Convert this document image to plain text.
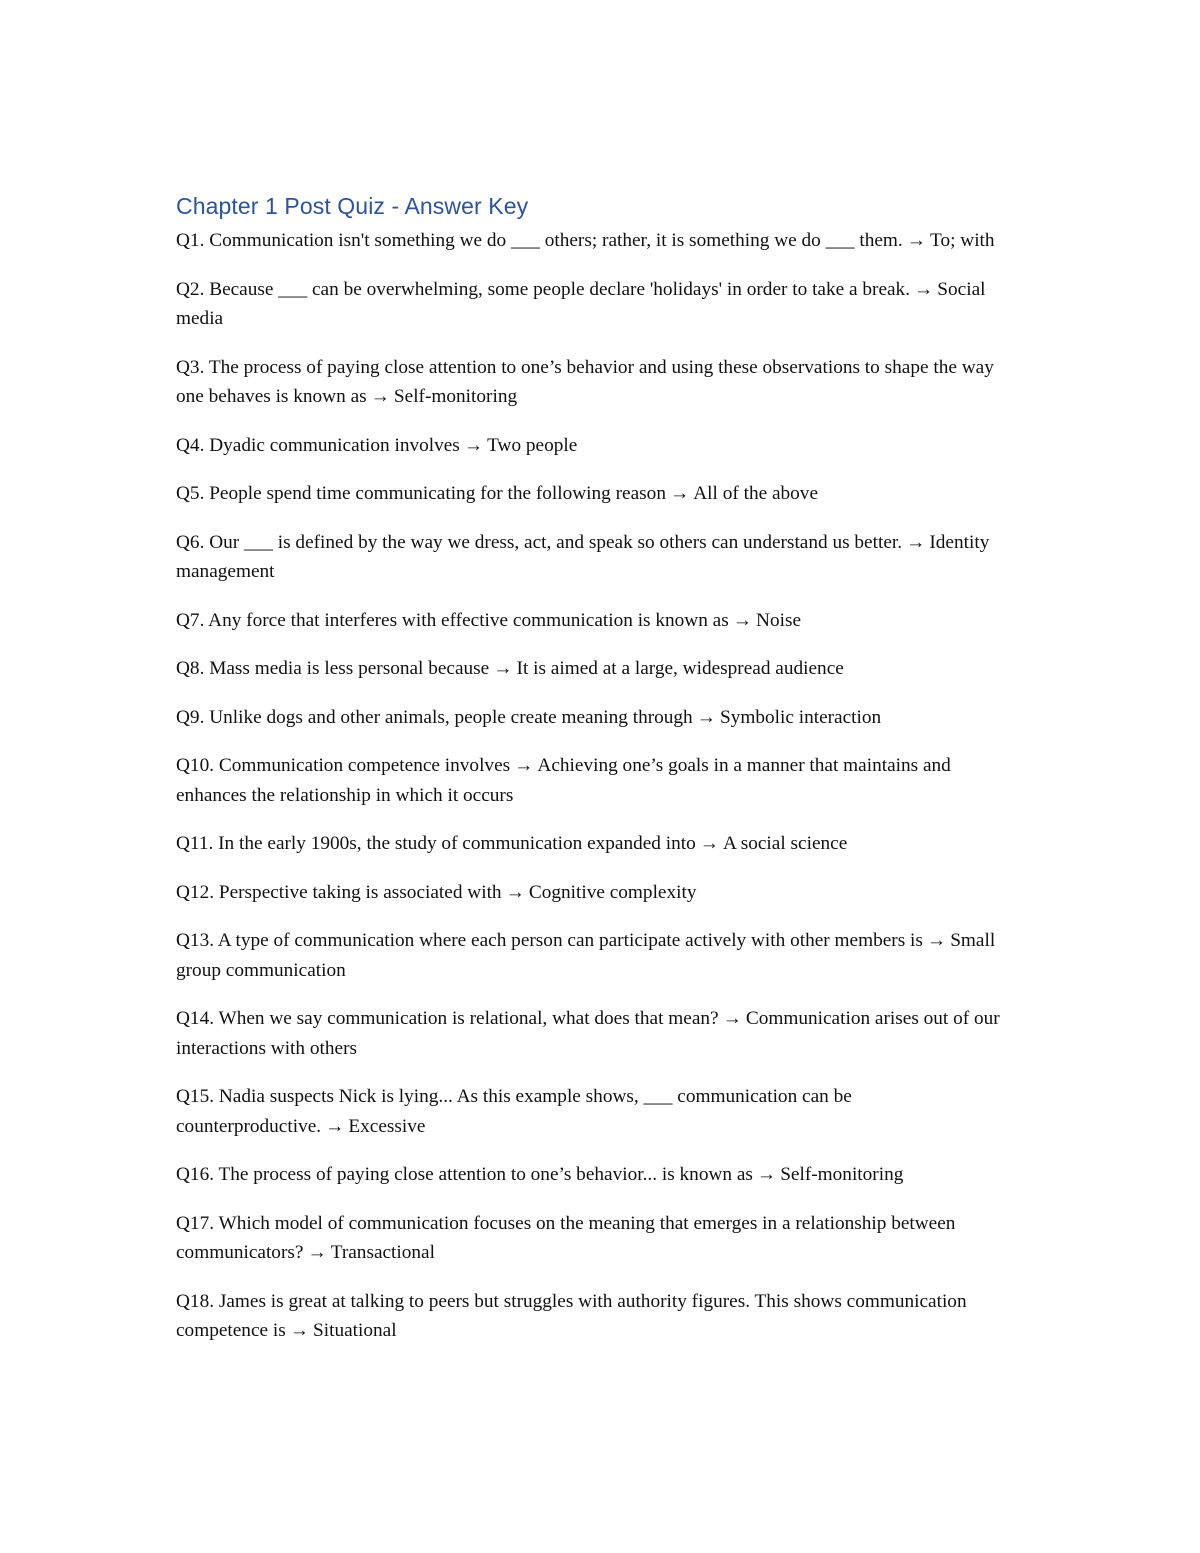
Chapter 1 Post Quiz - Answer Key
Q1. Communication isn't something we do ___ others; rather, it is something we do ___ them. → To; with
Q2. Because ___ can be overwhelming, some people declare 'holidays' in order to take a break. → Social media
Q3. The process of paying close attention to one’s behavior and using these observations to shape the way one behaves is known as → Self-monitoring
Q4. Dyadic communication involves → Two people
Q5. People spend time communicating for the following reason → All of the above
Q6. Our ___ is defined by the way we dress, act, and speak so others can understand us better. → Identity management
Q7. Any force that interferes with effective communication is known as → Noise
Q8. Mass media is less personal because → It is aimed at a large, widespread audience
Q9. Unlike dogs and other animals, people create meaning through → Symbolic interaction
Q10. Communication competence involves → Achieving one’s goals in a manner that maintains and enhances the relationship in which it occurs
Q11. In the early 1900s, the study of communication expanded into → A social science
Q12. Perspective taking is associated with → Cognitive complexity
Q13. A type of communication where each person can participate actively with other members is → Small group communication
Q14. When we say communication is relational, what does that mean? → Communication arises out of our interactions with others
Q15. Nadia suspects Nick is lying... As this example shows, ___ communication can be counterproductive. → Excessive
Q16. The process of paying close attention to one’s behavior... is known as → Self-monitoring
Q17. Which model of communication focuses on the meaning that emerges in a relationship between communicators? → Transactional
Q18. James is great at talking to peers but struggles with authority figures. This shows communication competence is → Situational
